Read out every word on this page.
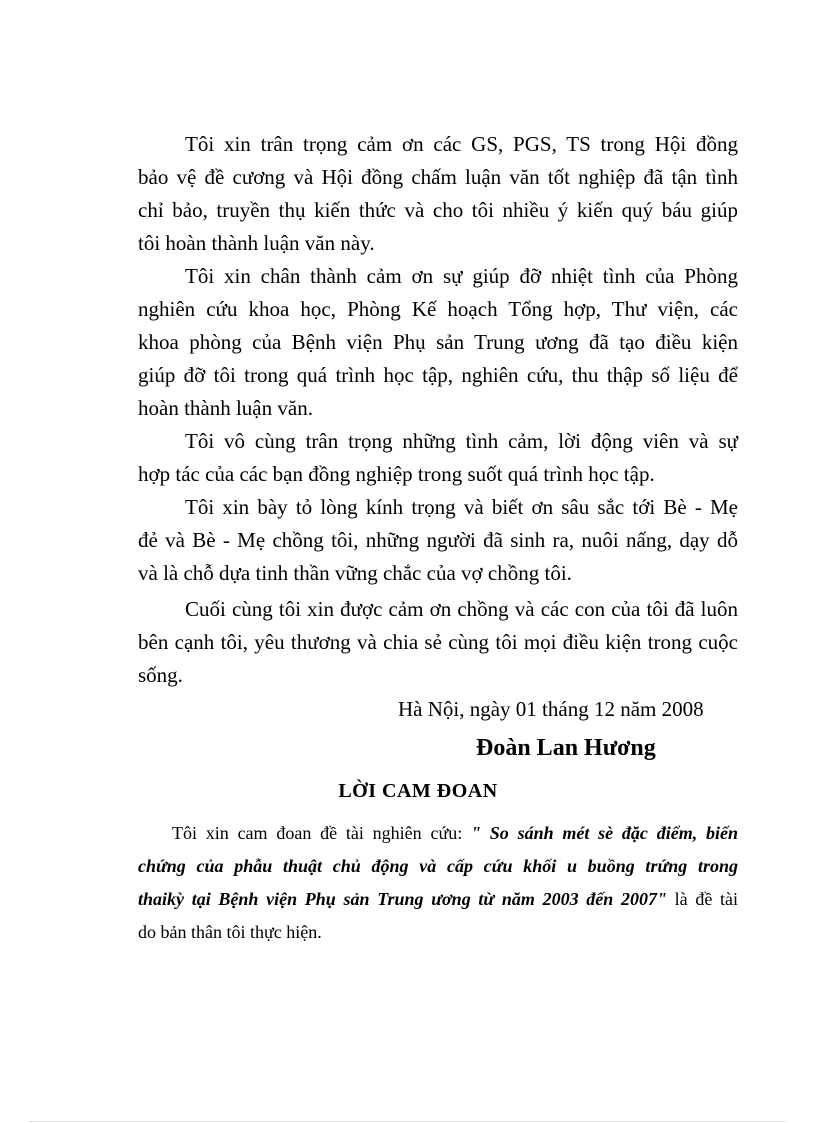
Tôi xin trân trọng cảm ơn các GS, PGS, TS trong Hội đồng
bảo vệ đề cương và Hội đồng chấm luận văn tốt nghiệp đã tận tình
chỉ bảo, truyền thụ kiến thức và cho tôi nhiều ý kiến quý báu giúp
tôi hoàn thành luận văn này.
Tôi xin chân thành cảm ơn sự giúp đỡ nhiệt tình của Phòng
nghiên cứu khoa học, Phòng Kế hoạch Tổng hợp, Thư viện, các
khoa phòng của Bệnh viện Phụ sản Trung ương đã tạo điều kiện
giúp đỡ tôi trong quá trình học tập, nghiên cứu, thu thập số liệu để
hoàn thành luận văn.
Tôi vô cùng trân trọng những tình cảm, lời động viên và sự
hợp tác của các bạn đồng nghiệp trong suốt quá trình học tập.
Tôi xin bày tỏ lòng kính trọng và biết ơn sâu sắc tới Bè - Mẹ
đẻ và Bè - Mẹ chồng tôi, những người đã sinh ra, nuôi nấng, dạy dỗ
và là chỗ dựa tinh thần vững chắc của vợ chồng tôi.
Cuối cùng tôi xin được cảm ơn chồng và các con của tôi đã luôn
bên cạnh tôi, yêu thương và chia sẻ cùng tôi mọi điều kiện trong cuộc
sống.
Hà Nội, ngày 01 tháng 12 năm 2008
Đoàn Lan Hương
LỜI CAM ĐOAN
Tôi xin cam đoan đề tài nghiên cứu: " So sánh mét sè đặc điểm, biến
chứng của phẫu thuật chủ động và cấp cứu khối u buồng trứng trong
thaikỳ tại Bệnh viện Phụ sản Trung ương từ năm 2003 đến 2007" là đề tài
do bản thân tôi thực hiện.
